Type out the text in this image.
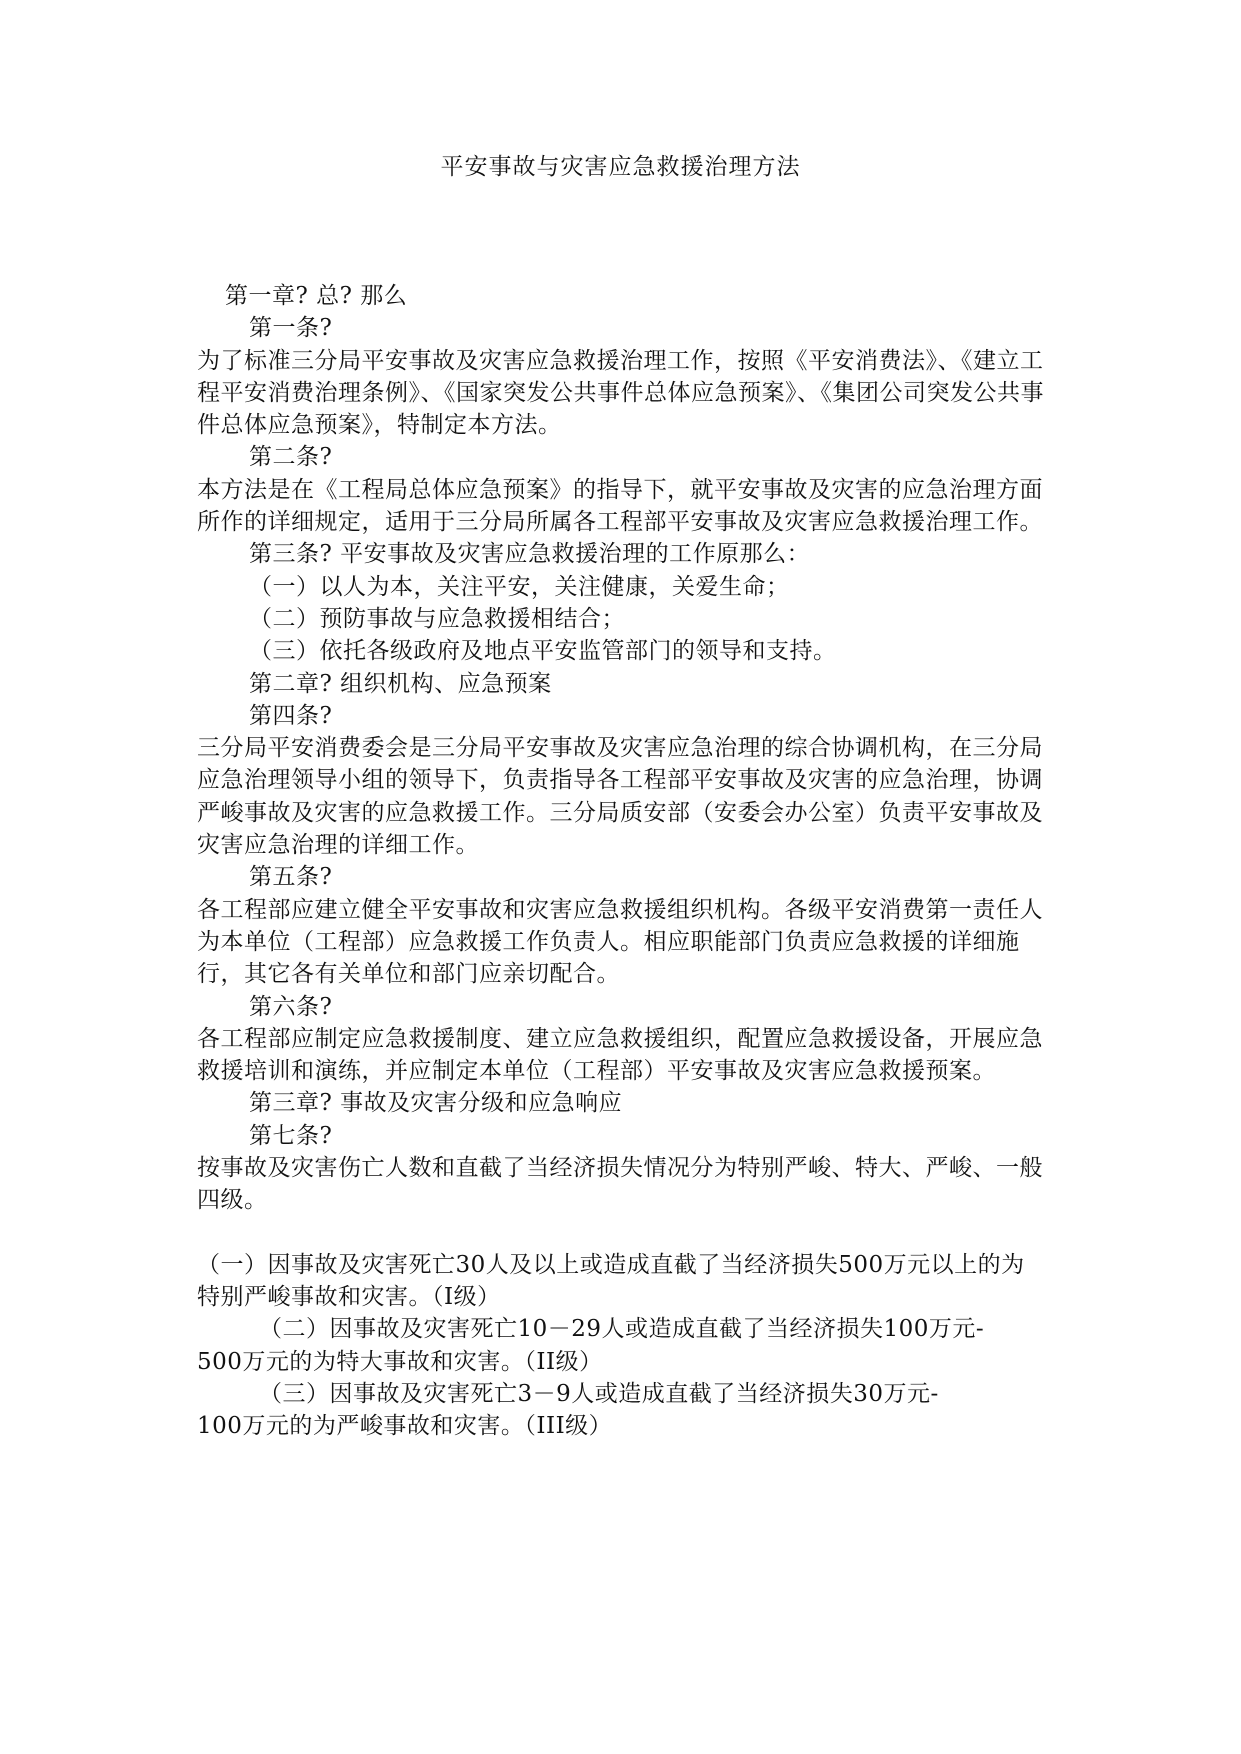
平安事故与灾害应急救援治理方法

第一章? 总? 那么

第一条?

为了标准三分局平安事故及灾害应急救援治理工作，按照《平安消费法》、《建立工程平安消费治理条例》、《国家突发公共事件总体应急预案》、《集团公司突发公共事件总体应急预案》，特制定本方法。

第二条?

本方法是在《工程局总体应急预案》的指导下，就平安事故及灾害的应急治理方面所作的详细规定，适用于三分局所属各工程部平安事故及灾害应急救援治理工作。

第三条? 平安事故及灾害应急救援治理的工作原那么：

（一）以人为本，关注平安，关注健康，关爱生命；

（二）预防事故与应急救援相结合；

（三）依托各级政府及地点平安监管部门的领导和支持。

第二章? 组织机构、应急预案

第四条?

三分局平安消费委会是三分局平安事故及灾害应急治理的综合协调机构，在三分局应急治理领导小组的领导下，负责指导各工程部平安事故及灾害的应急治理，协调严峻事故及灾害的应急救援工作。三分局质安部（安委会办公室）负责平安事故及灾害应急治理的详细工作。

第五条?

各工程部应建立健全平安事故和灾害应急救援组织机构。各级平安消费第一责任人为本单位（工程部）应急救援工作负责人。相应职能部门负责应急救援的详细施行，其它各有关单位和部门应亲切配合。

第六条?

各工程部应制定应急救援制度、建立应急救援组织，配置应急救援设备，开展应急救援培训和演练，并应制定本单位（工程部）平安事故及灾害应急救援预案。

第三章? 事故及灾害分级和应急响应

第七条?

按事故及灾害伤亡人数和直截了当经济损失情况分为特别严峻、特大、严峻、一般四级。

（一）因事故及灾害死亡30人及以上或造成直截了当经济损失500万元以上的为特别严峻事故和灾害。（I级）

（二）因事故及灾害死亡10－29人或造成直截了当经济损失100万元-

500万元的为特大事故和灾害。（II级）

（三）因事故及灾害死亡3－9人或造成直截了当经济损失30万元-

100万元的为严峻事故和灾害。（III级）
